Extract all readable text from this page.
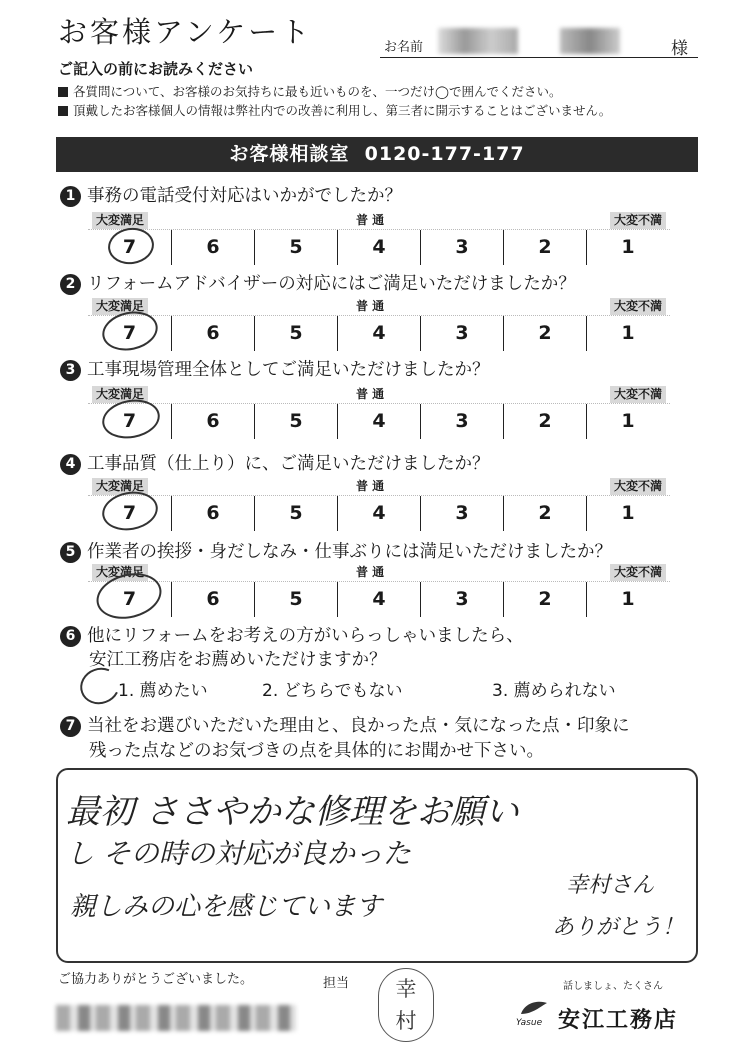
お客様アンケート	お名前	様
ご記入の前にお読みください
各質問について、お客様のお気持ちに最も近いものを、一つだけ◯で囲んでください。
頂戴したお客様個人の情報は弊社内での改善に利用し、第三者に開示することはございません。
お客様相談室 0120-177-177
1 事務の電話受付対応はいかがでしたか？
大変満足	普 通	大変不満
7	6	5	4	3	2	1
2 リフォームアドバイザーの対応にはご満足いただけましたか？
大変満足	普 通	大変不満
7	6	5	4	3	2	1
3 工事現場管理全体としてご満足いただけましたか？
大変満足	普 通	大変不満
7	6	5	4	3	2	1
4 工事品質（仕上り）に、ご満足いただけましたか？
大変満足	普 通	大変不満
7	6	5	4	3	2	1
5 作業者の挨拶・身だしなみ・仕事ぶりには満足いただけましたか？
大変満足	普 通	大変不満
7	6	5	4	3	2	1
6 他にリフォームをお考えの方がいらっしゃいましたら、
安江工務店をお薦めいただけますか？
1. 薦めたい	2. どちらでもない	3. 薦められない
7 当社をお選びいただいた理由と、良かった点・気になった点・印象に
残った点などのお気づきの点を具体的にお聞かせ下さい。
最初 ささやかな修理をお願い
し その時の対応が良かった
親しみの心を感じています
幸村さん
ありがとう！
ご協力ありがとうございました。	担当	幸
村
話しましょ、たくさん
Yasue 安江工務店
